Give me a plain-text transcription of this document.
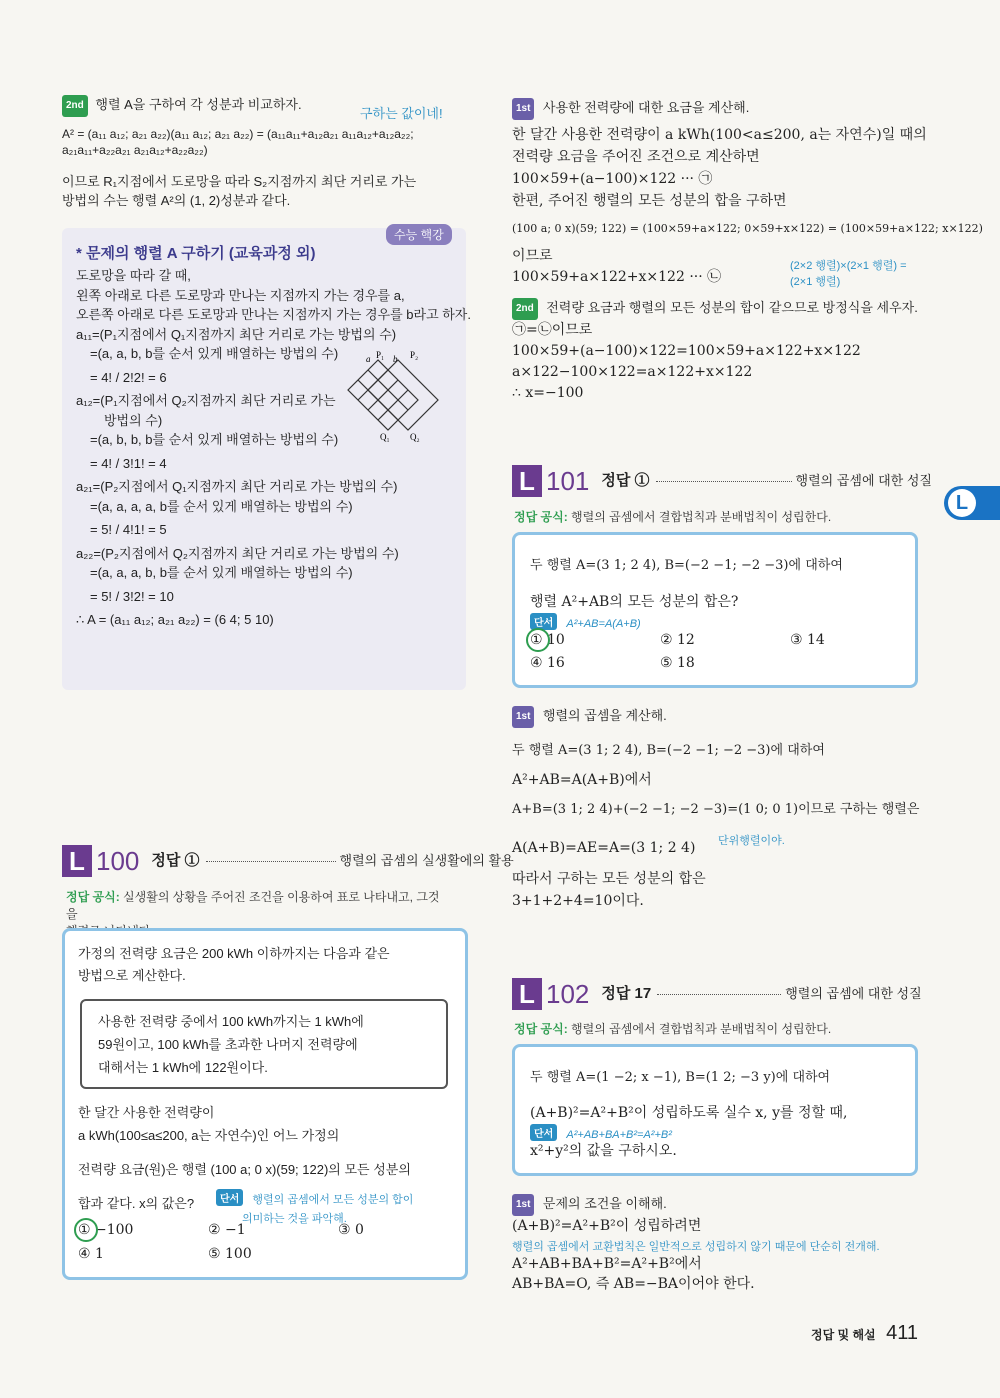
2nd 행렬 A을 구하여 각 성분과 비교하자.
구하는 값이네!
A² = (a₁₁ a₁₂; a₂₁ a₂₂)(a₁₁ a₁₂; a₂₁ a₂₂) = (a₁₁a₁₁+a₁₂a₂₁ a₁₁a₁₂+a₁₂a₂₂; a₂₁a₁₁+a₂₂a₂₁ a₂₁a₁₂+a₂₂a₂₂)
이므로 R₁지점에서 도로망을 따라 S₂지점까지 최단 거리로 가는
방법의 수는 행렬 A²의 (1, 2)성분과 같다.
수능 핵강
* 문제의 행렬 A 구하기 (교육과정 외)
도로망을 따라 갈 때,
왼쪽 아래로 다른 도로망과 만나는 지점까지 가는 경우를 a,
오른쪽 아래로 다른 도로망과 만나는 지점까지 가는 경우를 b라고 하자.
a₁₁=(P₁지점에서 Q₁지점까지 최단 거리로 가는 방법의 수)
=(a, a, b, b를 순서 있게 배열하는 방법의 수)
= 4! / 2!2! = 6
a₁₂=(P₁지점에서 Q₂지점까지 최단 거리로 가는
방법의 수)
=(a, b, b, b를 순서 있게 배열하는 방법의 수)
= 4! / 3!1! = 4
a₂₁=(P₂지점에서 Q₁지점까지 최단 거리로 가는 방법의 수)
=(a, a, a, a, b를 순서 있게 배열하는 방법의 수)
= 5! / 4!1! = 5
a₂₂=(P₂지점에서 Q₂지점까지 최단 거리로 가는 방법의 수)
=(a, a, a, b, b를 순서 있게 배열하는 방법의 수)
= 5! / 3!2! = 10
∴ A = (a₁₁ a₁₂; a₂₁ a₂₂) = (6 4; 5 10)
a P₁ b P₂
Q₁ Q₂
L 100 정답 ①	$^{행렬의 곱셈의 실생활에의 활용}$
정답 공식: 실생활의 상황을 주어진 조건을 이용하여 표로 나타내고, 그것을

가정의 전력량 요금은 200 kWh 이하까지는 다음과 같은
방법으로 계산한다.
사용한 전력량 중에서 100 kWh까지는 1 kWh에
59원이고, 100 kWh를 초과한 나머지 전력량에
대해서는 1 kWh에 122원이다.
한 달간 사용한 전력량이
a kWh(100≤a≤200, a는 자연수)인 어느 가정의
전력량 요금(원)은 행렬 (100 a; 0 x)(59; 122)의 모든 성분의
합과 같다. x의 값은?	단서 행렬의 곱셈에서 모든 성분의 합이
의미하는 것을 파악해.
① −100	② −1	③ 0
④ 1	⑤ 100
1st 사용한 전력량에 대한 요금을 계산해.
한 달간 사용한 전력량이 a kWh(100<a≤200, a는 자연수)일 때의
전력량 요금을 주어진 조건으로 계산하면
100×59+(a−100)×122 ··· ㉠
한편, 주어진 행렬의 모든 성분의 합을 구하면
(100 a; 0 x)(59; 122) = (100×59+a×122; 0×59+x×122) = (100×59+a×122; x×122)
이므로
100×59+a×122+x×122 ··· ㉡
(2×2 행렬)×(2×1 행렬) =(2×1 행렬)
2nd 전력량 요금과 행렬의 모든 성분의 합이 같으므로 방정식을 세우자.
㉠=㉡이므로
100×59+(a−100)×122=100×59+a×122+x×122
a×122−100×122=a×122+x×122
∴ x=−100
L 101 정답 ①	$^{행렬의 곱셈에 대한 성질}$
정답 공식: 행렬의 곱셈에서 결합법칙과 분배법칙이 성립한다.
두 행렬 A=(3 1; 2 4), B=(−2 −1; −2 −3)에 대하여
행렬 A²+AB의 모든 성분의 합은?
단서 A²+AB=A(A+B)
① 10	② 12	③ 14
④ 16	⑤ 18
1st 행렬의 곱셈을 계산해.
두 행렬 A=(3 1; 2 4), B=(−2 −1; −2 −3)에 대하여
A²+AB=A(A+B)에서
A+B=(3 1; 2 4)+(−2 −1; −2 −3)=(1 0; 0 1)이므로 구하는 행렬은
A(A+B)=AE=A=(3 1; 2 4)
따라서 구하는 모든 성분의 합은
3+1+2+4=10이다.
단위행렬이야.
L 102 정답 17	$^{행렬의 곱셈에 대한 성질}$
정답 공식: 행렬의 곱셈에서 결합법칙과 분배법칙이 성립한다.
두 행렬 A=(1 −2; x −1), B=(1 2; −3 y)에 대하여
(A+B)²=A²+B²이 성립하도록 실수 x, y를 정할 때,
단서 A²+AB+BA+B²=A²+B²
x²+y²의 값을 구하시오.
1st 문제의 조건을 이해해.
(A+B)²=A²+B²이 성립하려면
행렬의 곱셈에서 교환법칙은 일반적으로 성립하지 않기 때문에 단순히 전개해.
A²+AB+BA+B²=A²+B²에서
AB+BA=O, 즉 AB=−BA이어야 한다.
L
정답 및 해설 411
